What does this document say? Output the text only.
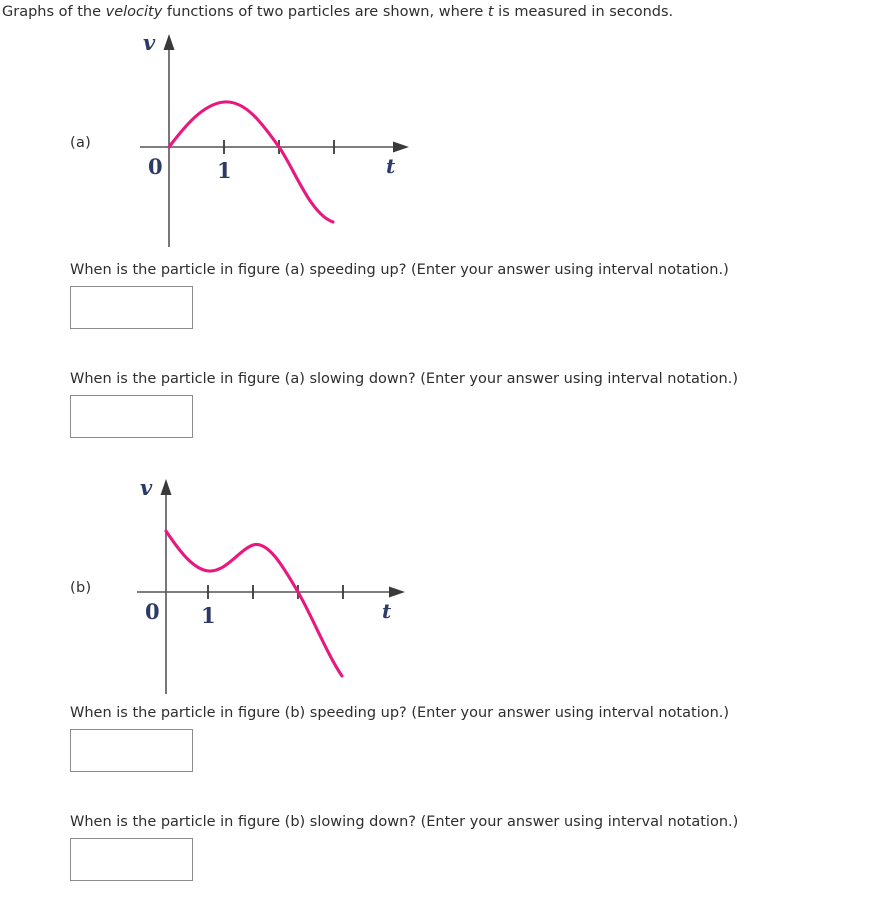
Graphs of the velocity functions of two particles are shown, where t is measured in seconds.
(a)
v
t
0	1
When is the particle in figure (a) speeding up? (Enter your answer using interval notation.)
When is the particle in figure (a) slowing down? (Enter your answer using interval notation.)
(b)
v
t
0 1
When is the particle in figure (b) speeding up? (Enter your answer using interval notation.)
When is the particle in figure (b) slowing down? (Enter your answer using interval notation.)
